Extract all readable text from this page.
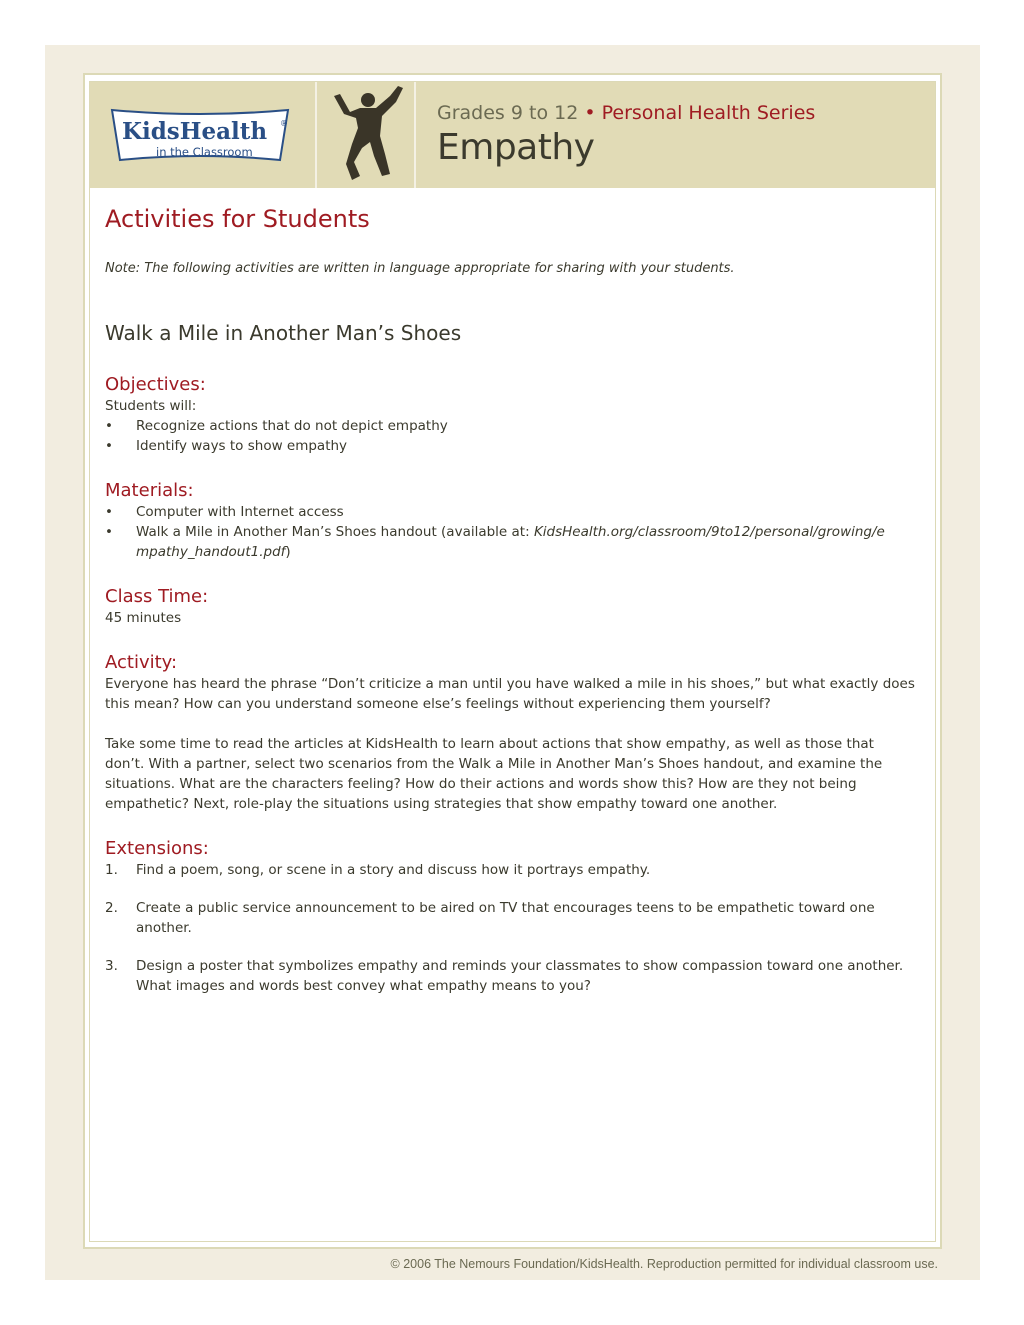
KidsHealth ®
in the Classroom
Grades 9 to 12 • Personal Health Series
Empathy
Activities for Students
Note: The following activities are written in language appropriate for sharing with your students.
Walk a Mile in Another Man’s Shoes
Objectives:

Students will:

• Recognize actions that do not depict empathy
• Identify ways to show empathy
Materials:
• Computer with Internet access
• Walk a Mile in Another Man’s Shoes handout (available at: KidsHealth.org/classroom/9to12/personal/growing/empathy_handout1.pdf)
Class Time:

45 minutes

Activity:

Everyone has heard the phrase “Don’t criticize a man until you have walked a mile in his shoes,” but what exactly does this mean? How can you understand someone else’s feelings without experiencing them yourself?

Take some time to read the articles at KidsHealth to learn about actions that show empathy, as well as those that don’t. With a partner, select two scenarios from the Walk a Mile in Another Man’s Shoes handout, and examine the situations. What are the characters feeling? How do their actions and words show this? How are they not being empathetic? Next, role-play the situations using strategies that show empathy toward one another.

Extensions:
1. Find a poem, song, or scene in a story and discuss how it portrays empathy.
2. Create a public service announcement to be aired on TV that encourages teens to be empathetic toward one another.
3. Design a poster that symbolizes empathy and reminds your classmates to show compassion toward one another. What images and words best convey what empathy means to you?
© 2006 The Nemours Foundation/KidsHealth. Reproduction permitted for individual classroom use.
